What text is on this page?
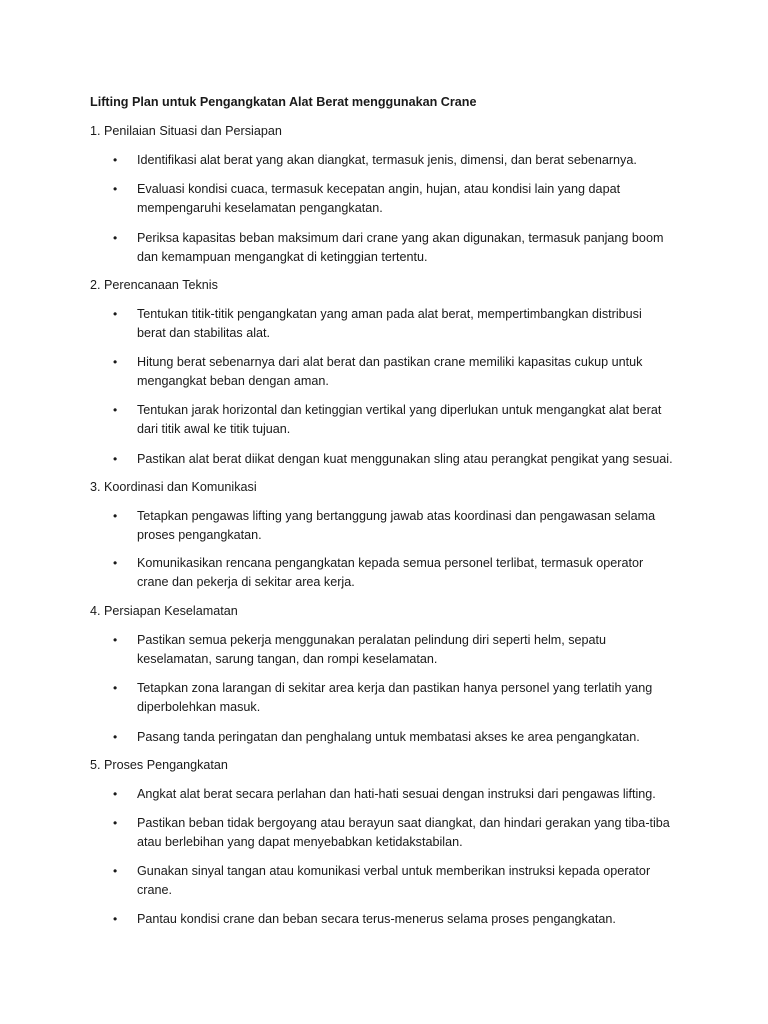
Lifting Plan untuk Pengangkatan Alat Berat menggunakan Crane
1. Penilaian Situasi dan Persiapan
• Identifikasi alat berat yang akan diangkat, termasuk jenis, dimensi, dan berat sebenarnya.
• Evaluasi kondisi cuaca, termasuk kecepatan angin, hujan, atau kondisi lain yang dapat
mempengaruhi keselamatan pengangkatan.
• Periksa kapasitas beban maksimum dari crane yang akan digunakan, termasuk panjang boom
dan kemampuan mengangkat di ketinggian tertentu.
2. Perencanaan Teknis
• Tentukan titik-titik pengangkatan yang aman pada alat berat, mempertimbangkan distribusi
berat dan stabilitas alat.
• Hitung berat sebenarnya dari alat berat dan pastikan crane memiliki kapasitas cukup untuk
mengangkat beban dengan aman.
• Tentukan jarak horizontal dan ketinggian vertikal yang diperlukan untuk mengangkat alat berat
dari titik awal ke titik tujuan.
• Pastikan alat berat diikat dengan kuat menggunakan sling atau perangkat pengikat yang sesuai.
3. Koordinasi dan Komunikasi
• Tetapkan pengawas lifting yang bertanggung jawab atas koordinasi dan pengawasan selama
proses pengangkatan.
• Komunikasikan rencana pengangkatan kepada semua personel terlibat, termasuk operator
crane dan pekerja di sekitar area kerja.
4. Persiapan Keselamatan
• Pastikan semua pekerja menggunakan peralatan pelindung diri seperti helm, sepatu
keselamatan, sarung tangan, dan rompi keselamatan.
• Tetapkan zona larangan di sekitar area kerja dan pastikan hanya personel yang terlatih yang
diperbolehkan masuk.
• Pasang tanda peringatan dan penghalang untuk membatasi akses ke area pengangkatan.
5. Proses Pengangkatan
• Angkat alat berat secara perlahan dan hati-hati sesuai dengan instruksi dari pengawas lifting.
• Pastikan beban tidak bergoyang atau berayun saat diangkat, dan hindari gerakan yang tiba-tiba
atau berlebihan yang dapat menyebabkan ketidakstabilan.
• Gunakan sinyal tangan atau komunikasi verbal untuk memberikan instruksi kepada operator
crane.
• Pantau kondisi crane dan beban secara terus-menerus selama proses pengangkatan.
